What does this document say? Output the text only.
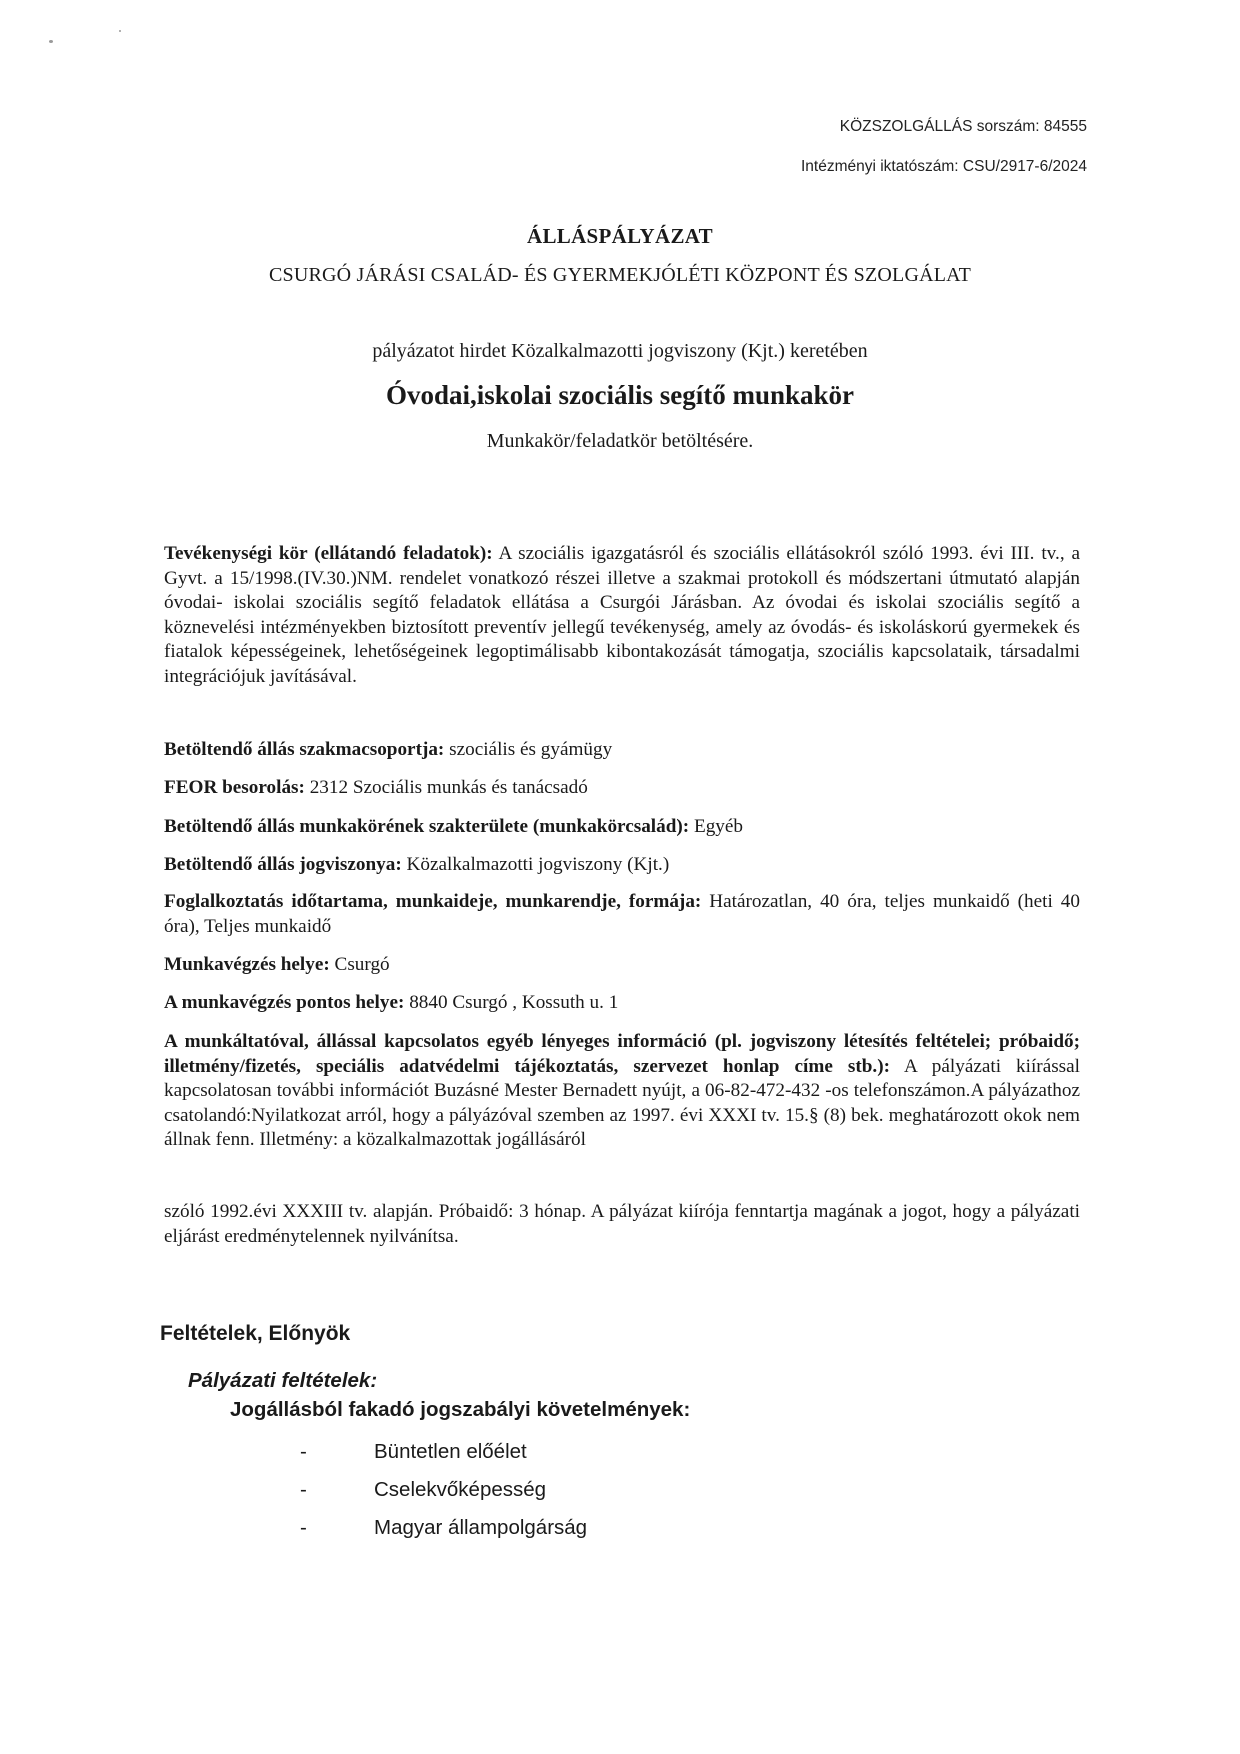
KÖZSZOLGÁLLÁS sorszám: 84555
Intézményi iktatószám: CSU/2917-6/2024
ÁLLÁSPÁLYÁZAT
CSURGÓ JÁRÁSI CSALÁD- ÉS GYERMEKJÓLÉTI KÖZPONT ÉS SZOLGÁLAT
pályázatot hirdet Közalkalmazotti jogviszony (Kjt.) keretében
Óvodai,iskolai szociális segítő munkakör
Munkakör/feladatkör betöltésére.
Tevékenységi kör (ellátandó feladatok): A szociális igazgatásról és szociális ellátásokról szóló 1993. évi III. tv., a Gyvt. a 15/1998.(IV.30.)NM. rendelet vonatkozó részei illetve a szakmai protokoll és módszertani útmutató alapján óvodai- iskolai szociális segítő feladatok ellátása a Csurgói Járásban. Az óvodai és iskolai szociális segítő a köznevelési intézményekben biztosított preventív jellegű tevékenység, amely az óvodás- és iskoláskorú gyermekek és fiatalok képességeinek, lehetőségeinek legoptimálisabb kibontakozását támogatja, szociális kapcsolataik, társadalmi integrációjuk javításával.
Betöltendő állás szakmacsoportja: szociális és gyámügy
FEOR besorolás: 2312 Szociális munkás és tanácsadó
Betöltendő állás munkakörének szakterülete (munkakörcsalád): Egyéb
Betöltendő állás jogviszonya: Közalkalmazotti jogviszony (Kjt.)
Foglalkoztatás időtartama, munkaideje, munkarendje, formája: Határozatlan, 40 óra, teljes munkaidő (heti 40 óra), Teljes munkaidő
Munkavégzés helye: Csurgó
A munkavégzés pontos helye: 8840 Csurgó , Kossuth u. 1
A munkáltatóval, állással kapcsolatos egyéb lényeges információ (pl. jogviszony létesítés feltételei; próbaidő; illetmény/fizetés, speciális adatvédelmi tájékoztatás, szervezet honlap címe stb.): A pályázati kiírással kapcsolatosan további információt Buzásné Mester Bernadett nyújt, a 06-82-472-432 -os telefonszámon.A pályázathoz csatolandó:Nyilatkozat arról, hogy a pályázóval szemben az 1997. évi XXXI tv. 15.§ (8) bek. meghatározott okok nem állnak fenn. Illetmény: a közalkalmazottak jogállásáról
szóló 1992.évi XXXIII tv. alapján. Próbaidő: 3 hónap. A pályázat kiírója fenntartja magának a jogot, hogy a pályázati eljárást eredménytelennek nyilvánítsa.
Feltételek, Előnyök
Pályázati feltételek:
Jogállásból fakadó jogszabályi követelmények:
-	Büntetlen előélet
-	Cselekvőképesség
-	Magyar állampolgárság
